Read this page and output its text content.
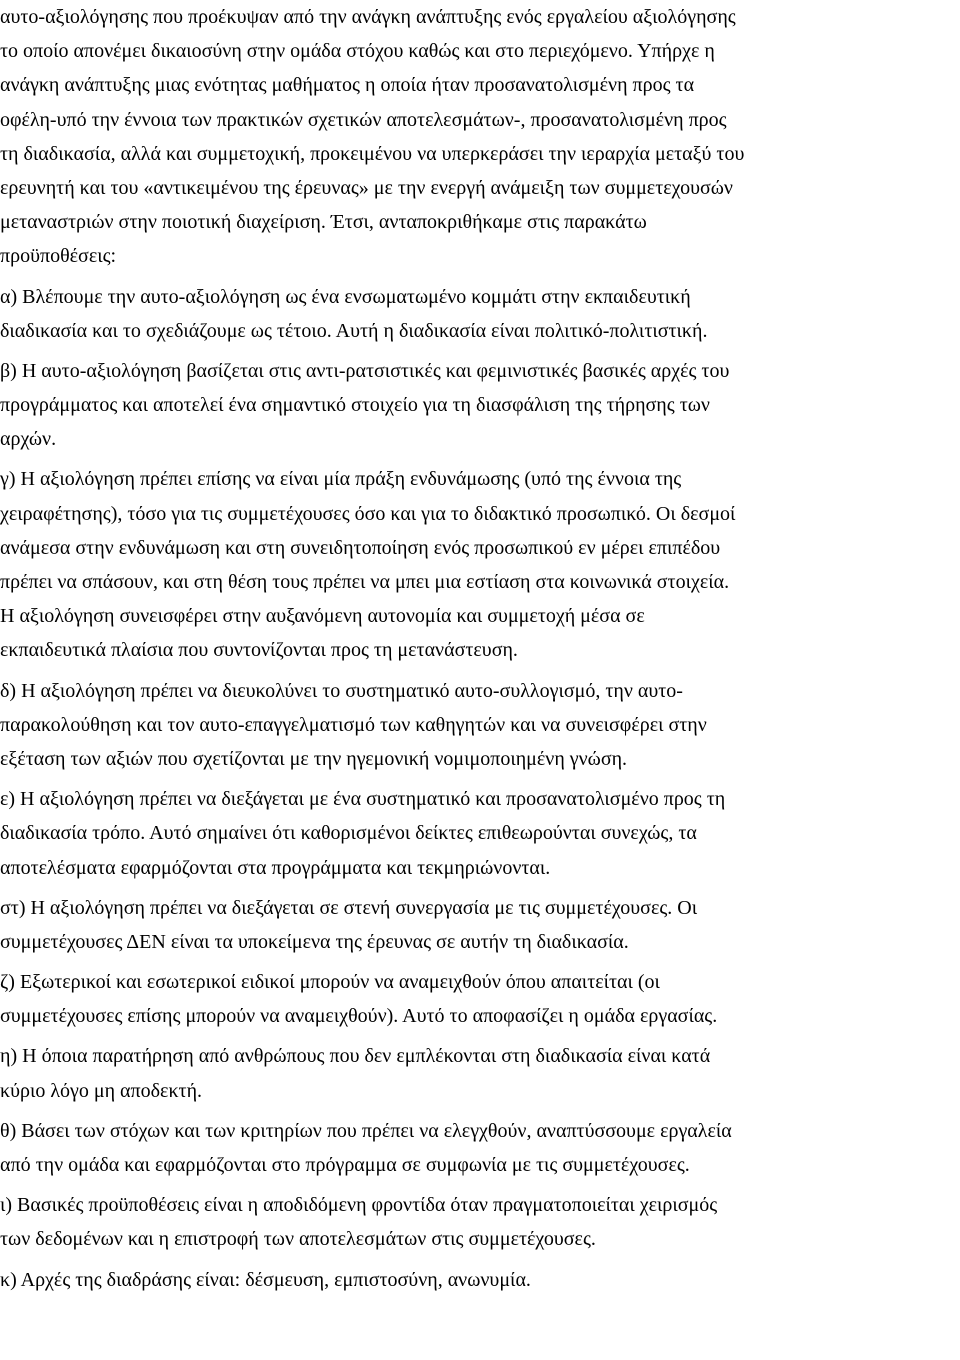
αυτο-αξιολόγησης που προέκυψαν από την ανάγκη ανάπτυξης ενός εργαλείου αξιολόγησης
το οποίο απονέμει δικαιοσύνη στην ομάδα στόχου καθώς και στο περιεχόμενο. Υπήρχε η
ανάγκη ανάπτυξης μιας ενότητας μαθήματος η οποία ήταν προσανατολισμένη προς τα
οφέλη-υπό την έννοια των πρακτικών σχετικών αποτελεσμάτων-, προσανατολισμένη προς
τη διαδικασία, αλλά και συμμετοχική, προκειμένου να υπερκεράσει την ιεραρχία μεταξύ του
ερευνητή και του «αντικειμένου της έρευνας» με την ενεργή ανάμειξη των συμμετεχουσών
μεταναστριών στην ποιοτική διαχείριση. Έτσι, ανταποκριθήκαμε στις παρακάτω
προϋποθέσεις:
α) Βλέπουμε την αυτο-αξιολόγηση ως ένα ενσωματωμένο κομμάτι στην εκπαιδευτική
διαδικασία και το σχεδιάζουμε ως τέτοιο. Αυτή η διαδικασία είναι πολιτικό-πολιτιστική.
β) Η αυτο-αξιολόγηση βασίζεται στις αντι-ρατσιστικές και φεμινιστικές βασικές αρχές του
προγράμματος και αποτελεί ένα σημαντικό στοιχείο για τη διασφάλιση της τήρησης των
αρχών.
γ) Η αξιολόγηση πρέπει επίσης να είναι μία πράξη ενδυνάμωσης (υπό της έννοια της
χειραφέτησης), τόσο για τις συμμετέχουσες όσο και για το διδακτικό προσωπικό. Οι δεσμοί
ανάμεσα στην ενδυνάμωση και στη συνειδητοποίηση ενός προσωπικού εν μέρει επιπέδου
πρέπει να σπάσουν, και στη θέση τους πρέπει να μπει μια εστίαση στα κοινωνικά στοιχεία.
Η αξιολόγηση συνεισφέρει στην αυξανόμενη αυτονομία και συμμετοχή μέσα σε
εκπαιδευτικά πλαίσια που συντονίζονται προς τη μετανάστευση.
δ) Η αξιολόγηση πρέπει να διευκολύνει το συστηματικό αυτο-συλλογισμό, την αυτο-
παρακολούθηση και τον αυτο-επαγγελματισμό των καθηγητών και να συνεισφέρει στην
εξέταση των αξιών που σχετίζονται με την ηγεμονική νομιμοποιημένη γνώση.
ε) Η αξιολόγηση πρέπει να διεξάγεται με ένα συστηματικό και προσανατολισμένο προς τη
διαδικασία τρόπο. Αυτό σημαίνει ότι καθορισμένοι δείκτες επιθεωρούνται συνεχώς, τα
αποτελέσματα εφαρμόζονται στα προγράμματα και τεκμηριώνονται.
στ) Η αξιολόγηση πρέπει να διεξάγεται σε στενή συνεργασία με τις συμμετέχουσες. Οι
συμμετέχουσες ΔΕΝ είναι τα υποκείμενα της έρευνας σε αυτήν τη διαδικασία.
ζ) Εξωτερικοί και εσωτερικοί ειδικοί μπορούν να αναμειχθούν όπου απαιτείται (οι
συμμετέχουσες επίσης μπορούν να αναμειχθούν). Αυτό το αποφασίζει η ομάδα εργασίας.
η) Η όποια παρατήρηση από ανθρώπους που δεν εμπλέκονται στη διαδικασία είναι κατά
κύριο λόγο μη αποδεκτή.
θ) Βάσει των στόχων και των κριτηρίων που πρέπει να ελεγχθούν, αναπτύσσουμε εργαλεία
από την ομάδα και εφαρμόζονται στο πρόγραμμα σε συμφωνία με τις συμμετέχουσες.
ι) Βασικές προϋποθέσεις είναι η αποδιδόμενη φροντίδα όταν πραγματοποιείται χειρισμός
των δεδομένων και η επιστροφή των αποτελεσμάτων στις συμμετέχουσες.
κ) Αρχές της διαδράσης είναι: δέσμευση, εμπιστοσύνη, ανωνυμία.
